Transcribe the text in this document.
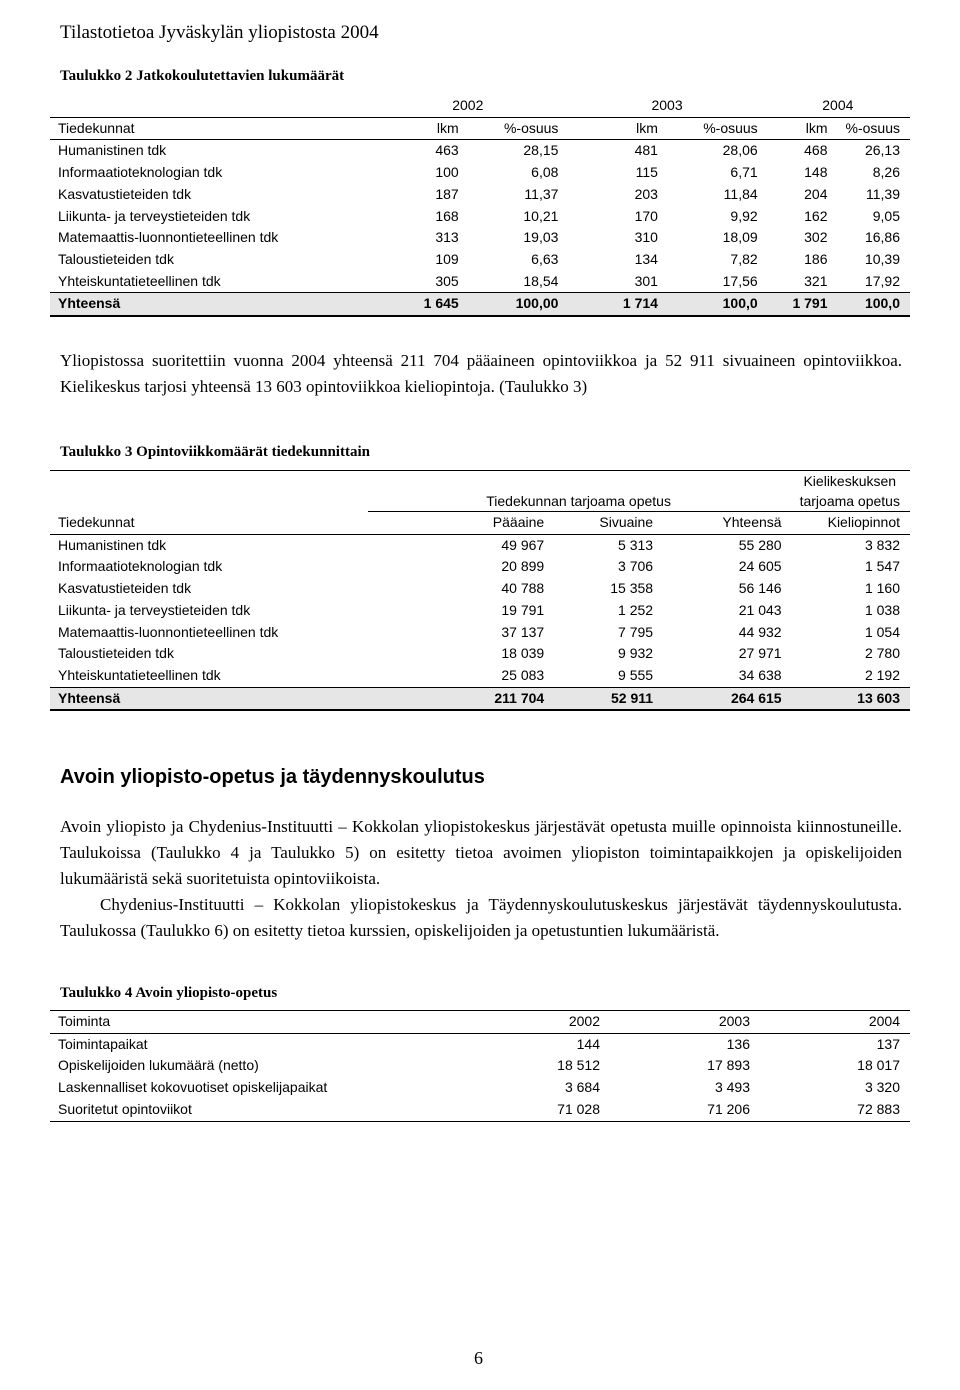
Tilastotietoa Jyväskylän yliopistosta 2004
Taulukko 2 Jatkokoulutettavien lukumäärät
	2002		2003		2004	
Tiedekunnat	lkm	%-osuus	lkm	%-osuus	lkm	%-osuus
Humanistinen tdk	463	28,15	481	28,06	468	26,13
Informaatioteknologian tdk	100	6,08	115	6,71	148	8,26
Kasvatustieteiden tdk	187	11,37	203	11,84	204	11,39
Liikunta- ja terveystieteiden tdk	168	10,21	170	9,92	162	9,05
Matemaattis-luonnontieteellinen tdk	313	19,03	310	18,09	302	16,86
Taloustieteiden tdk	109	6,63	134	7,82	186	10,39
Yhteiskuntatieteellinen tdk	305	18,54	301	17,56	321	17,92
Yhteensä	1 645	100,00	1 714	100,0	1 791	100,0

Yliopistossa suoritettiin vuonna 2004 yhteensä 211 704 pääaineen opintoviikkoa ja 52 911 sivuaineen opintoviikkoa. Kielikeskus tarjosi yhteensä 13 603 opintoviikkoa kieliopintoja. (Taulukko 3)

Taulukko 3 Opintoviikkomäärät tiedekunnittain
	Tiedekunnan tarjoama opetus			Kielikeskuksen
tarjoama opetus
Tiedekunnat	Pääaine	Sivuaine	Yhteensä	Kieliopinnot
Humanistinen tdk	49 967	5 313	55 280	3 832
Informaatioteknologian tdk	20 899	3 706	24 605	1 547
Kasvatustieteiden tdk	40 788	15 358	56 146	1 160
Liikunta- ja terveystieteiden tdk	19 791	1 252	21 043	1 038
Matemaattis-luonnontieteellinen tdk	37 137	7 795	44 932	1 054
Taloustieteiden tdk	18 039	9 932	27 971	2 780
Yhteiskuntatieteellinen tdk	25 083	9 555	34 638	2 192
Yhteensä	211 704	52 911	264 615	13 603
Avoin yliopisto-opetus ja täydennyskoulutus

Avoin yliopisto ja Chydenius-Instituutti – Kokkolan yliopistokeskus järjestävät opetusta muille opinnoista kiinnostuneille. Taulukoissa (Taulukko 4 ja Taulukko 5) on esitetty tietoa avoimen yliopiston toimintapaikkojen ja opiskelijoiden lukumääristä sekä suoritetuista opintoviikoista.

Chydenius-Instituutti – Kokkolan yliopistokeskus ja Täydennyskoulutuskeskus järjestävät täydennyskoulutusta. Taulukossa (Taulukko 6) on esitetty tietoa kurssien, opiskelijoiden ja opetustuntien lukumääristä.

Taulukko 4 Avoin yliopisto-opetus
Toiminta	2002	2003	2004
Toimintapaikat	144	136	137
Opiskelijoiden lukumäärä (netto)	18 512	17 893	18 017
Laskennalliset kokovuotiset opiskelijapaikat	3 684	3 493	3 320
Suoritetut opintoviikot	71 028	71 206	72 883
6
